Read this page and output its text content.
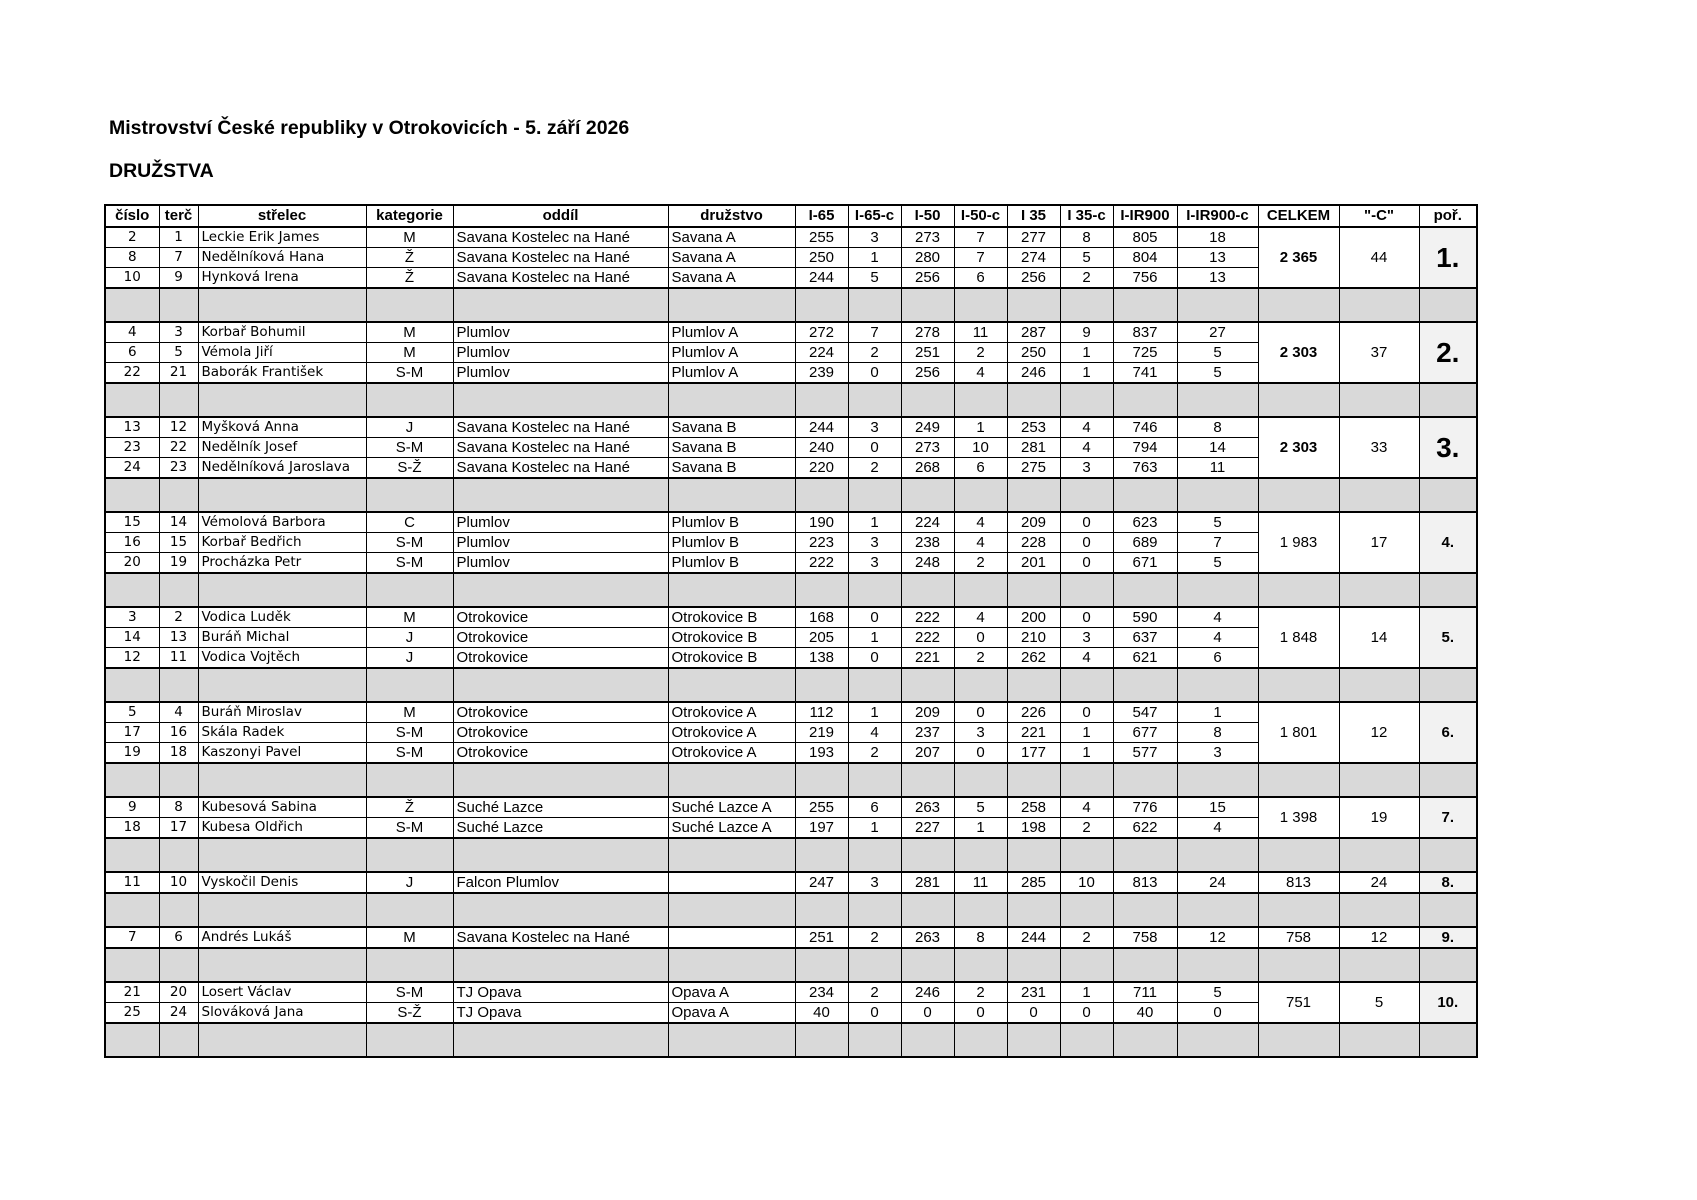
Mistrovství České republiky v Otrokovicích - 5. září 2026
DRUŽSTVA
číslo	terč	střelec	kategorie	oddíl	družstvo	I-65	I-65-c	I-50	I-50-c	I 35	I 35-c	I-IR900	I-IR900-c	CELKEM	"-C"	poř.
2	1	Leckie Erik James	M	Savana Kostelec na Hané	Savana A	255	3	273	7	277	8	805	18	2 365	44	1.
8	7	Nedělníková Hana	Ž	Savana Kostelec na Hané	Savana A	250	1	280	7	274	5	804	13			
10	9	Hynková Irena	Ž	Savana Kostelec na Hané	Savana A	244	5	256	6	256	2	756	13			

4	3	Korbař Bohumil	M	Plumlov	Plumlov A	272	7	278	11	287	9	837	27	2 303	37	2.
6	5	Vémola Jiří	M	Plumlov	Plumlov A	224	2	251	2	250	1	725	5			
22	21	Baborák František	S-M	Plumlov	Plumlov A	239	0	256	4	246	1	741	5			

13	12	Myšková Anna	J	Savana Kostelec na Hané	Savana B	244	3	249	1	253	4	746	8	2 303	33	3.
23	22	Nedělník Josef	S-M	Savana Kostelec na Hané	Savana B	240	0	273	10	281	4	794	14			
24	23	Nedělníková Jaroslava	S-Ž	Savana Kostelec na Hané	Savana B	220	2	268	6	275	3	763	11			

15	14	Vémolová Barbora	C	Plumlov	Plumlov B	190	1	224	4	209	0	623	5	1 983	17	4.
16	15	Korbař Bedřich	S-M	Plumlov	Plumlov B	223	3	238	4	228	0	689	7			
20	19	Procházka Petr	S-M	Plumlov	Plumlov B	222	3	248	2	201	0	671	5			

3	2	Vodica Luděk	M	Otrokovice	Otrokovice B	168	0	222	4	200	0	590	4	1 848	14	5.
14	13	Buráň Michal	J	Otrokovice	Otrokovice B	205	1	222	0	210	3	637	4			
12	11	Vodica Vojtěch	J	Otrokovice	Otrokovice B	138	0	221	2	262	4	621	6			

5	4	Buráň Miroslav	M	Otrokovice	Otrokovice A	112	1	209	0	226	0	547	1	1 801	12	6.
17	16	Skála Radek	S-M	Otrokovice	Otrokovice A	219	4	237	3	221	1	677	8			
19	18	Kaszonyi Pavel	S-M	Otrokovice	Otrokovice A	193	2	207	0	177	1	577	3			

9	8	Kubesová Sabina	Ž	Suché Lazce	Suché Lazce A	255	6	263	5	258	4	776	15	1 398	19	7.
18	17	Kubesa Oldřich	S-M	Suché Lazce	Suché Lazce A	197	1	227	1	198	2	622	4			

11	10	Vyskočil Denis	J	Falcon Plumlov		247	3	281	11	285	10	813	24	813	24	8.

7	6	Andrés Lukáš	M	Savana Kostelec na Hané		251	2	263	8	244	2	758	12	758	12	9.

21	20	Losert Václav	S-M	TJ Opava	Opava A	234	2	246	2	231	1	711	5	751	5	10.
25	24	Slováková Jana	S-Ž	TJ Opava	Opava A	40	0	0	0	0	0	40	0			
